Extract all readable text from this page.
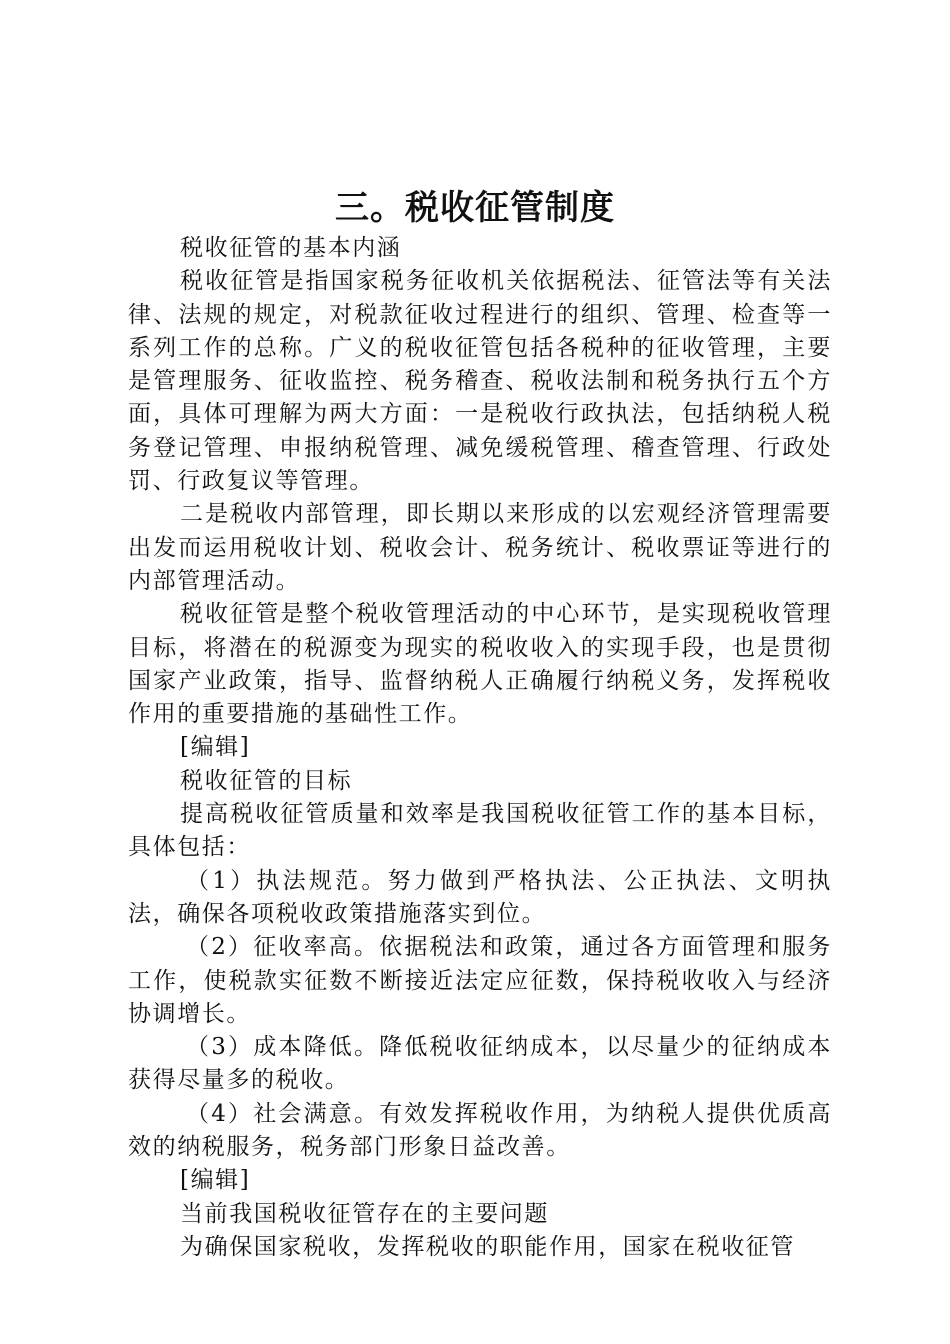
三。税收征管制度

税收征管的基本内涵

税收征管是指国家税务征收机关依据税法、征管法等有关法律、法规的规定，对税款征收过程进行的组织、管理、检查等一系列工作的总称。广义的税收征管包括各税种的征收管理，主要是管理服务、征收监控、税务稽查、税收法制和税务执行五个方面，具体可理解为两大方面：一是税收行政执法，包括纳税人税务登记管理、申报纳税管理、减免缓税管理、稽查管理、行政处罚、行政复议等管理。

二是税收内部管理，即长期以来形成的以宏观经济管理需要出发而运用税收计划、税收会计、税务统计、税收票证等进行的内部管理活动。

税收征管是整个税收管理活动的中心环节，是实现税收管理目标，将潜在的税源变为现实的税收收入的实现手段，也是贯彻国家产业政策，指导、监督纳税人正确履行纳税义务，发挥税收作用的重要措施的基础性工作。

[编辑]

税收征管的目标

提高税收征管质量和效率是我国税收征管工作的基本目标，具体包括：

（1）执法规范。努力做到严格执法、公正执法、文明执法，确保各项税收政策措施落实到位。

（2）征收率高。依据税法和政策，通过各方面管理和服务工作，使税款实征数不断接近法定应征数，保持税收收入与经济协调增长。

（3）成本降低。降低税收征纳成本，以尽量少的征纳成本获得尽量多的税收。

（4）社会满意。有效发挥税收作用，为纳税人提供优质高效的纳税服务，税务部门形象日益改善。

[编辑]

当前我国税收征管存在的主要问题

为确保国家税收，发挥税收的职能作用，国家在税收征管
